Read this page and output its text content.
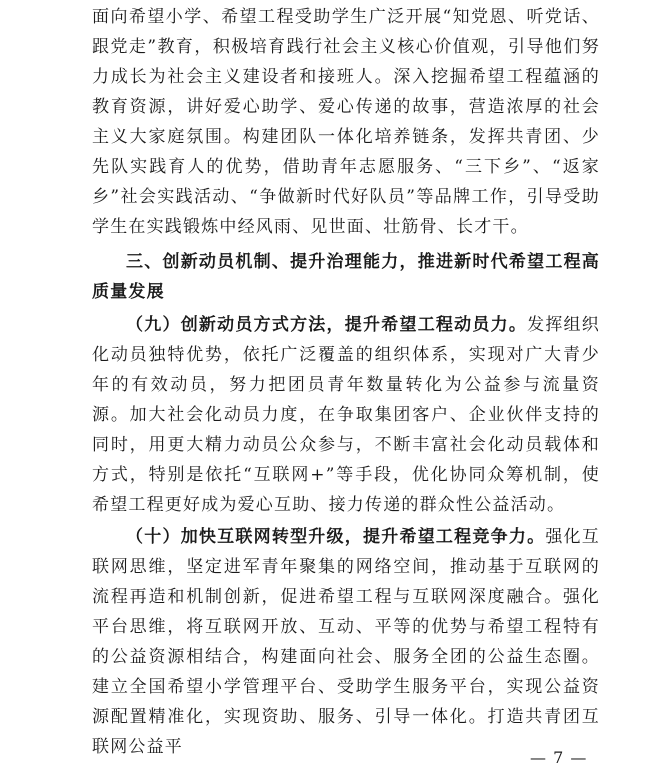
面向希望小学、希望工程受助学生广泛开展“知党恩、听党话、跟党走”教育，积极培育践行社会主义核心价值观，引导他们努力成长为社会主义建设者和接班人。深入挖掘希望工程蕴涵的教育资源，讲好爱心助学、爱心传递的故事，营造浓厚的社会主义大家庭氛围。构建团队一体化培养链条，发挥共青团、少先队实践育人的优势，借助青年志愿服务、“三下乡”、“返家乡”社会实践活动、“争做新时代好队员”等品牌工作，引导受助学生在实践锻炼中经风雨、见世面、壮筋骨、长才干。

三、创新动员机制、提升治理能力，推进新时代希望工程高质量发展

（九）创新动员方式方法，提升希望工程动员力。发挥组织化动员独特优势，依托广泛覆盖的组织体系，实现对广大青少年的有效动员，努力把团员青年数量转化为公益参与流量资源。加大社会化动员力度，在争取集团客户、企业伙伴支持的同时，用更大精力动员公众参与，不断丰富社会化动员载体和方式，特别是依托“互联网+”等手段，优化协同众筹机制，使希望工程更好成为爱心互助、接力传递的群众性公益活动。

（十）加快互联网转型升级，提升希望工程竞争力。强化互联网思维，坚定进军青年聚集的网络空间，推动基于互联网的流程再造和机制创新，促进希望工程与互联网深度融合。强化平台思维，将互联网开放、互动、平等的优势与希望工程特有的公益资源相结合，构建面向社会、服务全团的公益生态圈。建立全国希望小学管理平台、受助学生服务平台，实现公益资源配置精准化，实现资助、服务、引导一体化。打造共青团互联网公益平

— 7 —
